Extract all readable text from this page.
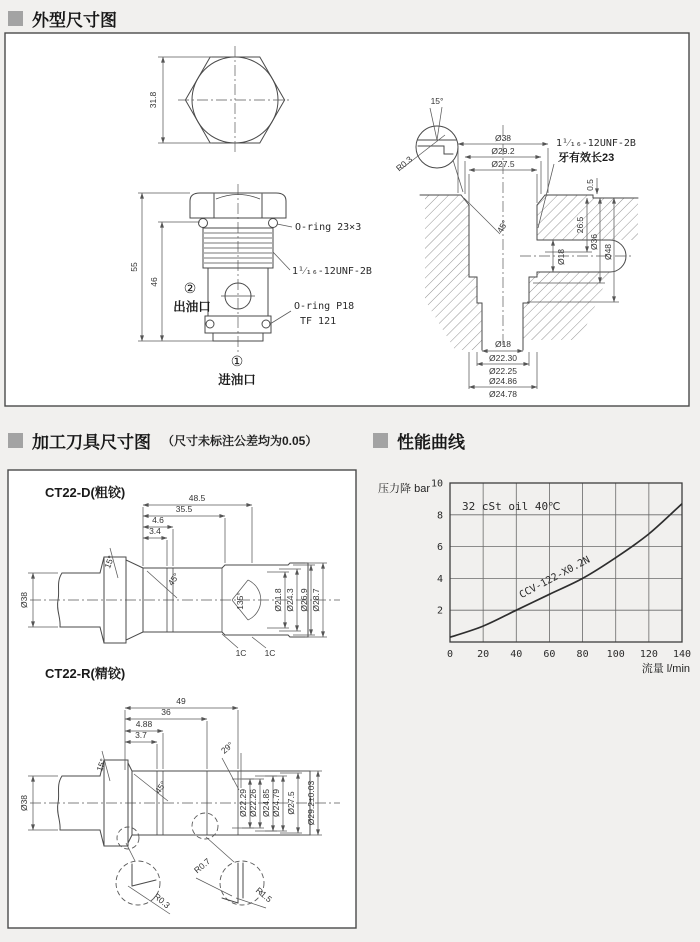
外型尺寸图
加工刀具尺寸图 （尺寸未标注公差均为0.05）	性能曲线
31.8
55
46
O-ring 23×3
1¹⁄₁₆-12UNF-2B
O-ring P18
TF 121
②
出油口
①
进油口
45°
Ø38
Ø29.2
Ø27.5
1¹⁄₁₆-12UNF-2B
牙有效长23
0.5
26.5
Ø36
Ø48
Ø18
Ø18
Ø22.30
Ø22.25
Ø24.86
Ø24.78
R0.3
15°
CT22-D(粗铰)
45°
15°
135°
Ø38
48.5
35.5
4.6
3.4
Ø21.8 Ø24.3 Ø26.9 Ø28.7
1C 1C
CT22-R(精铰)
45°
15°
29°
Ø38
49
36
4.88
3.7
Ø22.29 Ø22.26 Ø24.85 Ø24.79 Ø27.5 Ø29.2±0.03
R0.3
R0.7
R1.5
0 20 40 60 80 100 120 140
2
4
6
8
10
压力降 bar
流量 l/min
32 cSt oil 40℃
CCV-122-X0.2N
